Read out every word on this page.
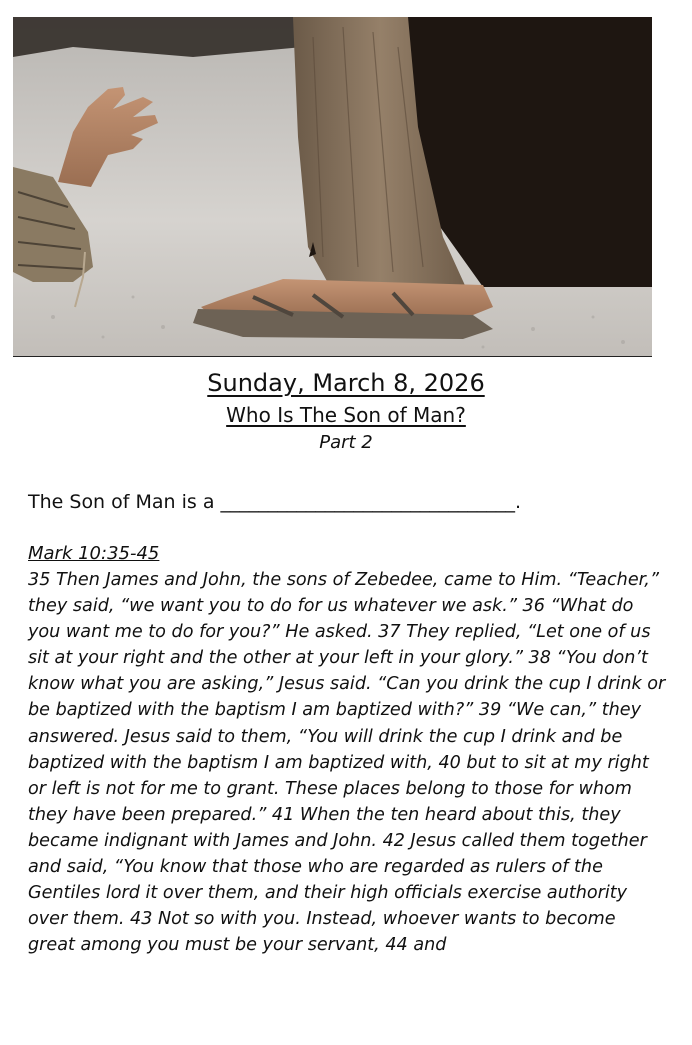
Sunday, March 8, 2026

Who Is The Son of Man?

Part 2

The Son of Man is a _______________________________.
Mark 10:35-45

35 Then James and John, the sons of Zebedee, came to Him. “Teacher,” they said, “we want you to do for us whatever we ask.” 36 “What do you want me to do for you?” He asked. 37 They replied, “Let one of us sit at your right and the other at your left in your glory.” 38 “You don’t know what you are asking,” Jesus said. “Can you drink the cup I drink or be baptized with the baptism I am baptized with?” 39 “We can,” they answered. Jesus said to them, “You will drink the cup I drink and be baptized with the baptism I am baptized with, 40 but to sit at my right or left is not for me to grant. These places belong to those for whom they have been prepared.” 41 When the ten heard about this, they became indignant with James and John. 42 Jesus called them together and said, “You know that those who are regarded as rulers of the Gentiles lord it over them, and their high officials exercise authority over them. 43 Not so with you. Instead, whoever wants to become great among you must be your servant, 44 and
